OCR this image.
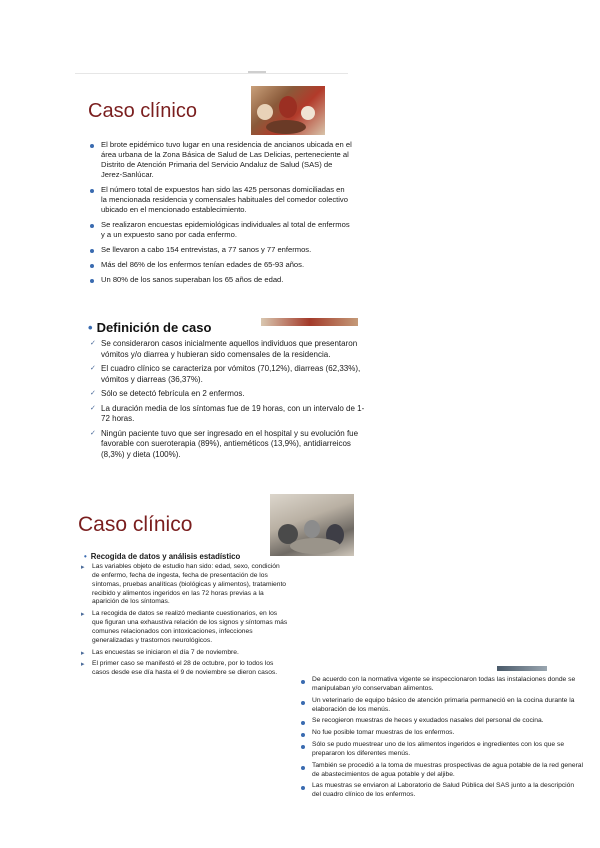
Caso clínico
El brote epidémico tuvo lugar en una residencia de ancianos ubicada en el área urbana de la Zona Básica de Salud de Las Delicias, perteneciente al Distrito de Atención Primaria del Servicio Andaluz de Salud (SAS) de Jerez-Sanlúcar.
El número total de expuestos han sido las 425 personas domiciliadas en la mencionada residencia y comensales habituales del comedor colectivo ubicado en el mencionado establecimiento.
Se realizaron encuestas epidemiológicas individuales al total de enfermos y a un expuesto sano por cada enfermo.
Se llevaron a cabo 154 entrevistas, a 77 sanos y 77 enfermos.
Más del 86% de los enfermos tenían edades de 65-93 años.
Un 80% de los sanos superaban los 65 años de edad.
• Definición de caso
✓ Se consideraron casos inicialmente aquellos individuos que presentaron vómitos y/o diarrea y hubieran sido comensales de la residencia.
✓ El cuadro clínico se caracteriza por vómitos (70,12%), diarreas (62,33%), vómitos y diarreas (36,37%).
✓ Sólo se detectó febrícula en 2 enfermos.
✓ La duración media de los síntomas fue de 19 horas, con un intervalo de 1-72 horas.
✓ Ningún paciente tuvo que ser ingresado en el hospital y su evolución fue favorable con sueroterapia (89%), antieméticos (13,9%), antidiarreicos (8,3%) y dieta (100%).
Caso clínico
• Recogida de datos y análisis estadístico
▸ Las variables objeto de estudio han sido: edad, sexo, condición de enfermo, fecha de ingesta, fecha de presentación de los síntomas, pruebas analíticas (biológicas y alimentos), tratamiento recibido y alimentos ingeridos en las 72 horas previas a la aparición de los síntomas.
▸ La recogida de datos se realizó mediante cuestionarios, en los que figuran una exhaustiva relación de los signos y síntomas más comunes relacionados con intoxicaciones, infecciones generalizadas y trastornos neurológicos.
▸ Las encuestas se iniciaron el día 7 de noviembre.
▸ El primer caso se manifestó el 28 de octubre, por lo todos los casos desde ese día hasta el 9 de noviembre se dieron casos.
De acuerdo con la normativa vigente se inspeccionaron todas las instalaciones donde se manipulaban y/o conservaban alimentos.
Un veterinario de equipo básico de atención primaria permaneció en la cocina durante la elaboración de los menús.
Se recogieron muestras de heces y exudados nasales del personal de cocina.
No fue posible tomar muestras de los enfermos.
Sólo se pudo muestrear uno de los alimentos ingeridos e ingredientes con los que se prepararon los diferentes menús.
También se procedió a la toma de muestras prospectivas de agua potable de la red general de abastecimientos de agua potable y del aljibe.
Las muestras se enviaron al Laboratorio de Salud Pública del SAS junto a la descripción del cuadro clínico de los enfermos.
